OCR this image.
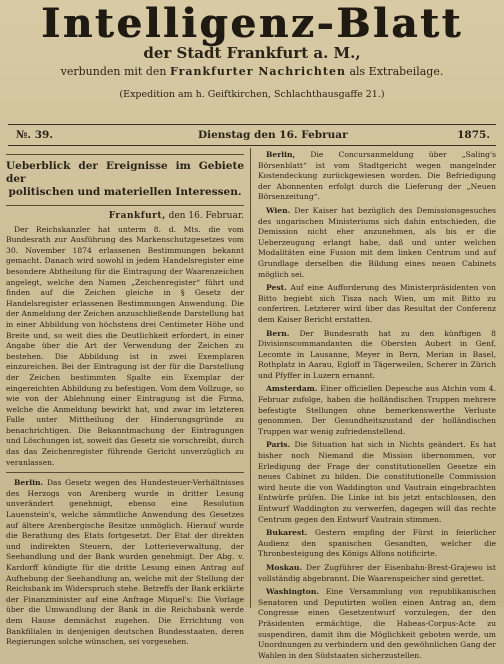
Intelligenz-Blatt
der Stadt Frankfurt a. M.,
verbunden mit den Frankfurter Nachrichten als Extrabeilage.
(Expedition am h. Geiftkirchen, Schlachthausgaffe 21.)
№. 39.	Dienstag den 16. Februar	1875.
Ueberblick der Ereignisse im Gebiete der
politischen und materiellen Interessen.
Frankfurt, den 16. Februar.

Der Reichskanzler hat unterm 8. d. Mts. die vom Bundesrath zur Ausführung des Markenschutzgesetzes vom 30. November 1874 erlassenen Bestimmungen bekannt gemacht. Danach wird sowohl in jedem Handelsregister eine besondere Abtheilung für die Eintragung der Waarenzeichen angelegt, welche den Namen „Zeichenregister“ führt und finden auf die Zeichen gleiche in § Gesetz der Handelsregister erlassenen Bestimmungen Anwendung. Die der Anmeldung der Zeichen anzuschließende Darstellung hat in einer Abbildung von höchstens drei Centimeter Höhe und Breite und, so weit dies die Deutlichkeit erfordert, in einer Angabe über die Art der Verwendung der Zeichen zu bestehen. Die Abbildung ist in zwei Exemplaren einzureichen. Bei der Eintragung ist der für die Darstellung der Zeichen bestimmten Spalte ein Exemplar der eingereichten Abbildung zu befestigen. Vom dem Vollzuge, so wie von der Ablehnung einer Eintragung ist die Firma, welche die Anmeldung bewirkt hat, und zwar im letzteren Falle unter Mittheilung der Hinderungsgründe zu benachrichtigen. Die Bekanntmachung der Eintragungen und Löschungen ist, soweit das Gesetz sie vorschreibt, durch das das Zeichenregister führende Gericht unverzüglich zu veranlassen.

Berlin. Das Gesetz wegen des Hundesteuer-Verhältnisses des Herzogs von Arenberg wurde in dritter Lesung unverändert genehmigt, ebenso eine Resolution Lauenstein's, welche sämmtliche Anwendung des Gesetzes auf ältere Arenbergische Besitze unmöglich. Hierauf wurde die Berathung des Etats fortgesetzt. Der Etat der direkten und indirekten Steuern, der Lotterieverwaltung, der Seehandlung und der Bank wurden genehmigt. Der Abg. v. Kardorff kündigte für die dritte Lesung einen Antrag auf Aufhebung der Seehandlung an, welche mit der Stellung der Reichsbank im Widerspruch stehe. Betreffs der Bank erklärte der Finanzminister auf eine Anfrage Miquel's: Die Vorlage über die Umwandlung der Bank in die Reichsbank werde dem Hause demnächst zugehen. Die Errichtung von Bankfilialen in denjenigen deutschen Bundesstaaten, deren Regierungen solche wünschen, sei vorgesehen.

Berlin, Die Concursanmeldung über „Saling's Börsenblatt“ ist vom Stadtgericht wegen mangelnder Kostendeckung zurückgewiesen worden. Die Befriedigung der Abonnenten erfolgt durch die Lieferung der „Neuen Börsenzeitung“.

Wien. Der Kaiser hat bezüglich des Demissionsgesuches des ungarischen Ministeriums sich dahin entschieden, die Demission nicht eher anzunehmen, als bis er die Ueberzeugung erlangt habe, daß und unter welchen Modalitäten eine Fusion mit dem linken Centrum und auf Grundlage derselben die Bildung eines neuen Cabinets möglich sei.

Pest. Auf eine Aufforderung des Ministerpräsidenten von Bitto begiebt sich Tisza nach Wien, um mit Bitto zu conferiren. Letzterer wird über das Resultat der Conferenz dem Kaiser Bericht erstatten.

Bern. Der Bundesrath hat zu den künftigen 8 Divisionscommandanten die Obersten Aubert in Genf, Lecomte in Lausanne, Meyer in Bern, Merian in Basel, Rothplatz in Aarau, Egloff in Tägerweilen, Scherer in Zürich und Pfyffer in Luzern ernannt.

Amsterdam. Einer officiellen Depesche aus Atchin vom 4. Februar zufolge, haben die holländischen Truppen mehrere befestigte Stellungen ohne bemerkenswerthe Verluste genommen. Der Gesundheitszustand der holländischen Truppen war wenig zufriedenstellend.

Paris. Die Situation hat sich in Nichts geändert. Es hat bisher noch Niemand die Mission übernommen, vor Erledigung der Frage der constitutionellen Gesetze ein neues Cabinet zu bilden. Die constitutionelle Commission wird heute die von Waddington und Vautrain eingebrachten Entwürfe prüfen. Die Linke ist bis jetzt entschlossen, den Entwurf Waddington zu verwerfen, dagegen will das rechte Centrum gegen den Entwurf Vautrain stimmen.

Bukarest. Gestern empfing der Fürst in feierlicher Audienz den spanischen Gesandten, welcher die Thronbesteigung des Königs Alfons notificirte.

Moskau. Der Zugführer der Eisenbahn-Brest-Grajewo ist vollständig abgebrannt. Die Waarenspeicher sind gerettet.

Washington. Eine Versammlung von republikanischen Senatoren und Deputirten wollen einen Antrag an, dem Congresse einen Gesetzentwurf vorzulegen, der den Präsidenten ermächtige, die Habeas-Corpus-Acte zu suspendiren, damit ihm die Möglichkeit geboten werde, um Unordnungen zu verhindern und den gewöhnlichen Gang der Wahlen in den Südstaaten sicherzustellen.
